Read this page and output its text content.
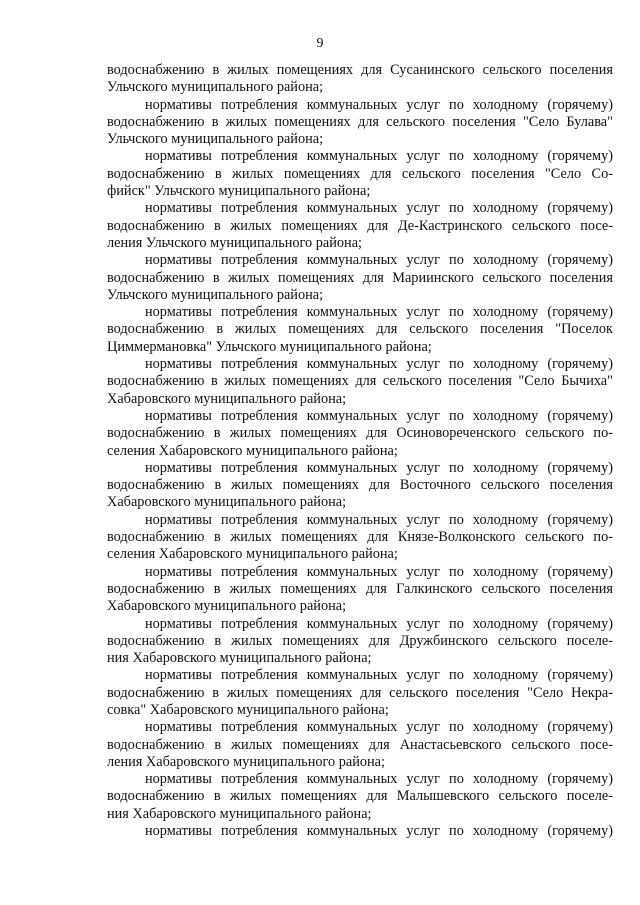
9
водоснабжению в жилых помещениях для Сусанинского сельского поселения
Ульчского муниципального района;
нормативы потребления коммунальных услуг по холодному (горячему)
водоснабжению в жилых помещениях для сельского поселения "Село Булава"
Ульчского муниципального района;
нормативы потребления коммунальных услуг по холодному (горячему)
водоснабжению в жилых помещениях для сельского поселения "Село Со-
фийск" Ульчского муниципального района;
нормативы потребления коммунальных услуг по холодному (горячему)
водоснабжению в жилых помещениях для Де-Кастринского сельского посе-
ления Ульчского муниципального района;
нормативы потребления коммунальных услуг по холодному (горячему)
водоснабжению в жилых помещениях для Мариинского сельского поселения
Ульчского муниципального района;
нормативы потребления коммунальных услуг по холодному (горячему)
водоснабжению в жилых помещениях для сельского поселения "Поселок
Циммермановка" Ульчского муниципального района;
нормативы потребления коммунальных услуг по холодному (горячему)
водоснабжению в жилых помещениях для сельского поселения "Село Бычиха"
Хабаровского муниципального района;
нормативы потребления коммунальных услуг по холодному (горячему)
водоснабжению в жилых помещениях для Осиновореченского сельского по-
селения Хабаровского муниципального района;
нормативы потребления коммунальных услуг по холодному (горячему)
водоснабжению в жилых помещениях для Восточного сельского поселения
Хабаровского муниципального района;
нормативы потребления коммунальных услуг по холодному (горячему)
водоснабжению в жилых помещениях для Князе-Волконского сельского по-
селения Хабаровского муниципального района;
нормативы потребления коммунальных услуг по холодному (горячему)
водоснабжению в жилых помещениях для Галкинского сельского поселения
Хабаровского муниципального района;
нормативы потребления коммунальных услуг по холодному (горячему)
водоснабжению в жилых помещениях для Дружбинского сельского поселе-
ния Хабаровского муниципального района;
нормативы потребления коммунальных услуг по холодному (горячему)
водоснабжению в жилых помещениях для сельского поселения "Село Некра-
совка" Хабаровского муниципального района;
нормативы потребления коммунальных услуг по холодному (горячему)
водоснабжению в жилых помещениях для Анастасьевского сельского посе-
ления Хабаровского муниципального района;
нормативы потребления коммунальных услуг по холодному (горячему)
водоснабжению в жилых помещениях для Малышевского сельского поселе-
ния Хабаровского муниципального района;
нормативы потребления коммунальных услуг по холодному (горячему)
